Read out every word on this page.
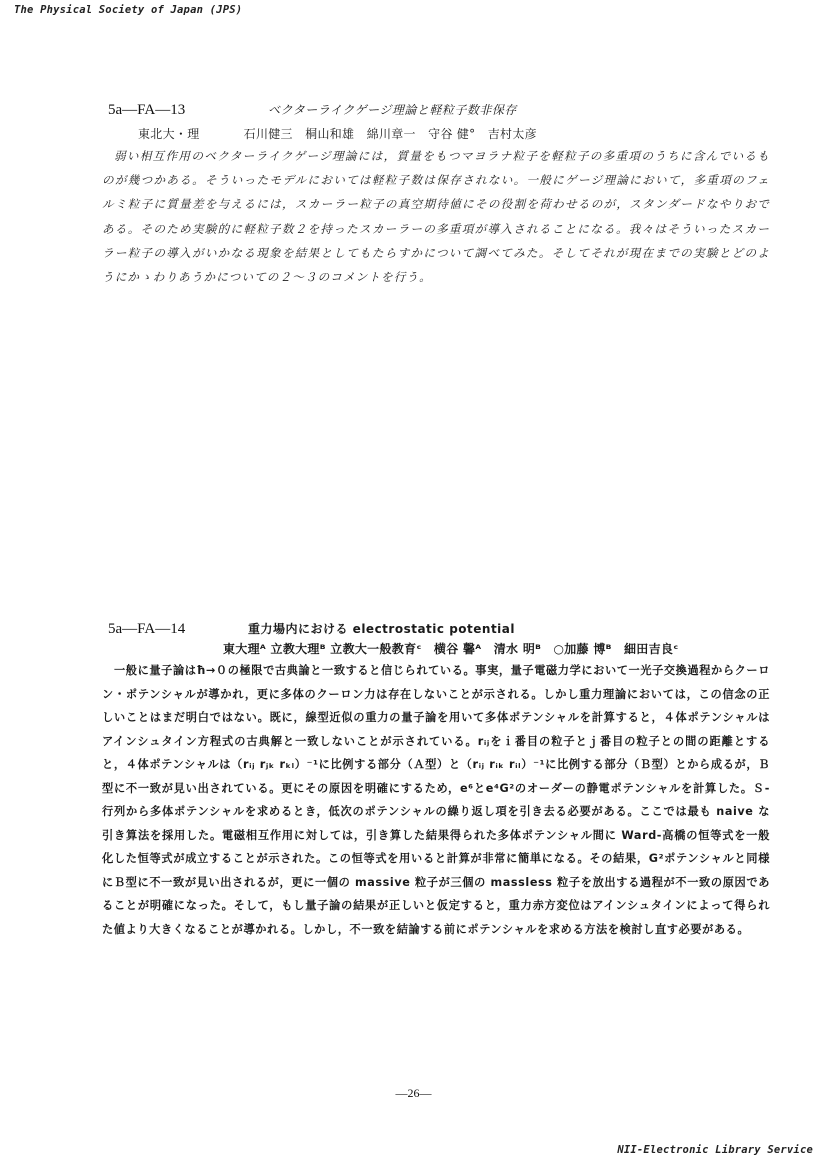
The Physical Society of Japan (JPS)
5a—FA—13	ベクターライクゲージ理論と軽粒子数非保存
東北大・理	石川健三　桐山和雄　綿川章一　守谷 健°　吉村太彦

弱い相互作用のベクターライクゲージ理論には，質量をもつマヨラナ粒子を軽粒子の多重項のうちに含んでいるものが幾つかある。そういったモデルにおいては軽粒子数は保存されない。一般にゲージ理論において，多重項のフェルミ粒子に質量差を与えるには，スカーラー粒子の真空期待値にその役割を荷わせるのが，スタンダードなやりおである。そのため実験的に軽粒子数２を持ったスカーラーの多重項が導入されることになる。我々はそういったスカーラー粒子の導入がいかなる現象を結果としてもたらすかについて調べてみた。そしてそれが現在までの実験とどのようにかゝわりあうかについての２～３のコメントを行う。

5a—FA—14	重力場内における electrostatic potential
東大理ᴬ 立教大理ᴮ 立教大一般教育ᶜ　横谷 馨ᴬ　清水 明ᴮ　○加藤 博ᴮ　細田吉良ᶜ

一般に量子論はħ→０の極限で古典論と一致すると信じられている。事実，量子電磁力学において一光子交換過程からクーロン・ポテンシャルが導かれ，更に多体のクーロン力は存在しないことが示される。しかし重力理論においては，この信念の正しいことはまだ明白ではない。既に，線型近似の重力の量子論を用いて多体ポテンシャルを計算すると，４体ポテンシャルはアインシュタイン方程式の古典解と一致しないことが示されている。rᵢⱼをｉ番目の粒子とｊ番目の粒子との間の距離とすると，４体ポテンシャルは（rᵢⱼ rⱼₖ rₖₗ）⁻¹に比例する部分（Ａ型）と（rᵢⱼ rᵢₖ rᵢₗ）⁻¹に比例する部分（Ｂ型）とから成るが，Ｂ型に不一致が見い出されている。更にその原因を明確にするため，e⁶とe⁴G²のオーダーの静電ポテンシャルを計算した。Ｓ-行列から多体ポテンシャルを求めるとき，低次のポテンシャルの繰り返し項を引き去る必要がある。ここでは最も naive な引き算法を採用した。電磁相互作用に対しては，引き算した結果得られた多体ポテンシャル間に Ward-高橋の恒等式を一般化した恒等式が成立することが示された。この恒等式を用いると計算が非常に簡単になる。その結果，G²ポテンシャルと同様にＢ型に不一致が見い出されるが，更に一個の massive 粒子が三個の massless 粒子を放出する過程が不一致の原因であることが明確になった。そして，もし量子論の結果が正しいと仮定すると，重力赤方変位はアインシュタインによって得られた値より大きくなることが導かれる。しかし，不一致を結論する前にポテンシャルを求める方法を検討し直す必要がある。

—26—
NII-Electronic Library Service
